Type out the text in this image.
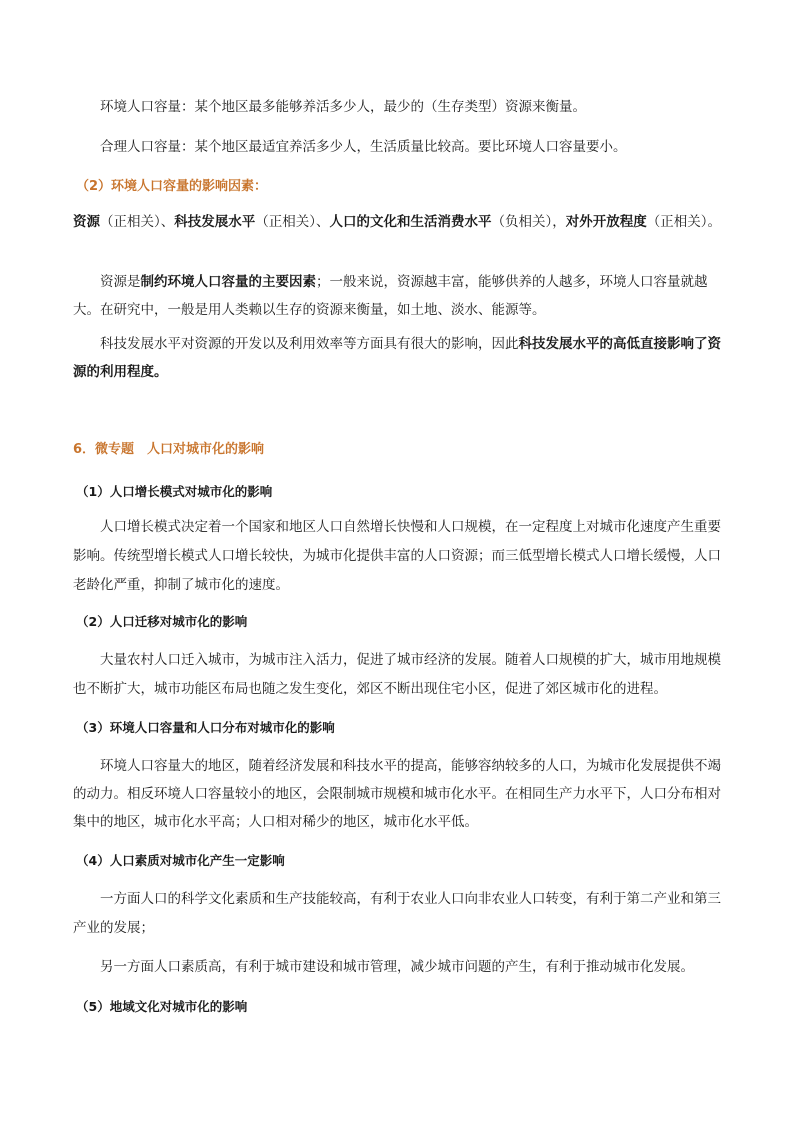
环境人口容量：某个地区最多能够养活多少人，最少的（生存类型）资源来衡量。

合理人口容量：某个地区最适宜养活多少人，生活质量比较高。要比环境人口容量要小。

（2）环境人口容量的影响因素：

资源（正相关）、科技发展水平（正相关）、人口的文化和生活消费水平（负相关），对外开放程度（正相关）。

资源是制约环境人口容量的主要因素；一般来说，资源越丰富，能够供养的人越多，环境人口容量就越大。在研究中，一般是用人类赖以生存的资源来衡量，如土地、淡水、能源等。

科技发展水平对资源的开发以及利用效率等方面具有很大的影响，因此科技发展水平的高低直接影响了资源的利用程度。

6．微专题　人口对城市化的影响
（1）人口增长模式对城市化的影响

人口增长模式决定着一个国家和地区人口自然增长快慢和人口规模，在一定程度上对城市化速度产生重要影响。传统型增长模式人口增长较快，为城市化提供丰富的人口资源；而三低型增长模式人口增长缓慢，人口老龄化严重，抑制了城市化的速度。

（2）人口迁移对城市化的影响

大量农村人口迁入城市，为城市注入活力，促进了城市经济的发展。随着人口规模的扩大，城市用地规模也不断扩大，城市功能区布局也随之发生变化，郊区不断出现住宅小区，促进了郊区城市化的进程。

（3）环境人口容量和人口分布对城市化的影响

环境人口容量大的地区，随着经济发展和科技水平的提高，能够容纳较多的人口，为城市化发展提供不竭的动力。相反环境人口容量较小的地区，会限制城市规模和城市化水平。在相同生产力水平下，人口分布相对集中的地区，城市化水平高；人口相对稀少的地区，城市化水平低。

（4）人口素质对城市化产生一定影响

一方面人口的科学文化素质和生产技能较高，有利于农业人口向非农业人口转变，有利于第二产业和第三产业的发展；

另一方面人口素质高，有利于城市建设和城市管理，减少城市问题的产生，有利于推动城市化发展。

（5）地域文化对城市化的影响
